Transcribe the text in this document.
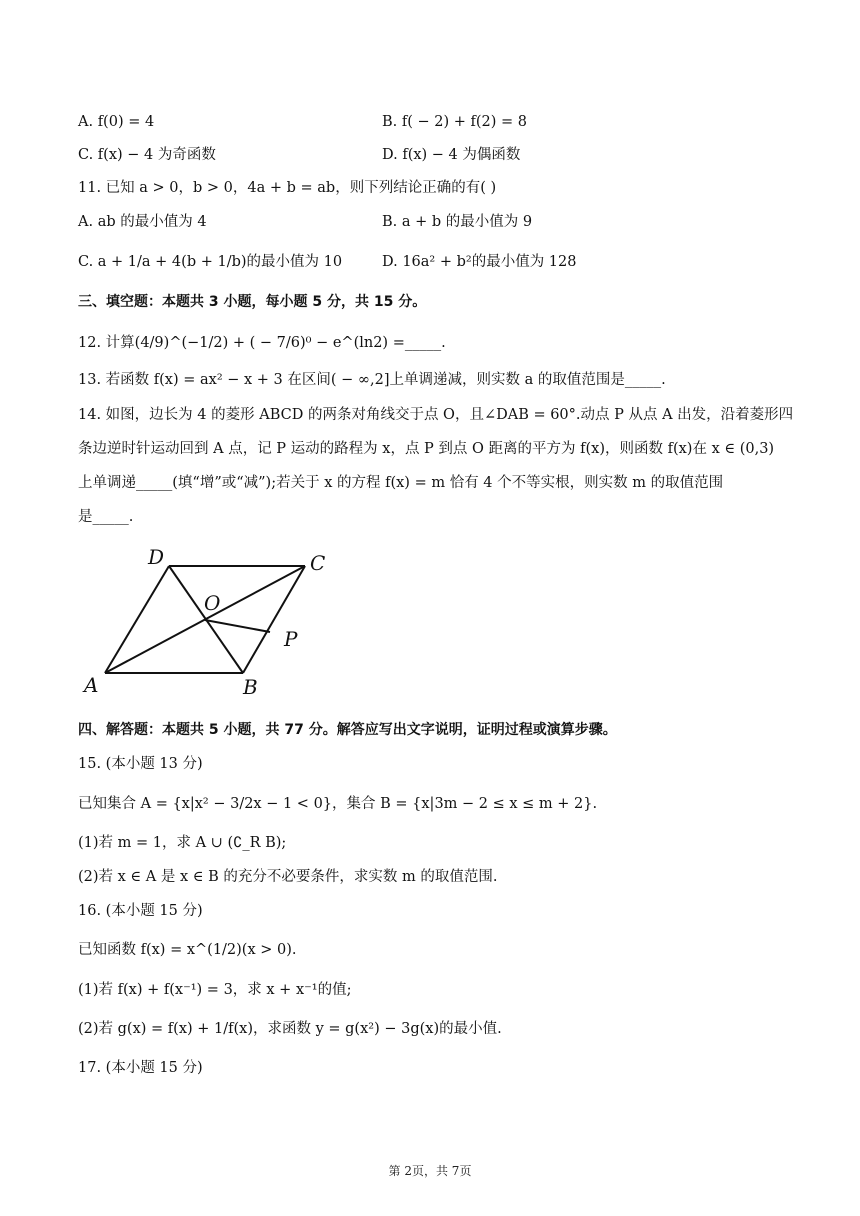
A. f(0) = 4	B. f( − 2) + f(2) = 8
C. f(x) − 4 为奇函数	D. f(x) − 4 为偶函数
11. 已知 a > 0，b > 0，4a + b = ab，则下列结论正确的有( )
A. ab 的最小值为 4	B. a + b 的最小值为 9
C. a + 1/a + 4(b + 1/b)的最小值为 10	D. 16a² + b²的最小值为 128
三、填空题：本题共 3 小题，每小题 5 分，共 15 分。
12. 计算(4/9)^(−1/2) + ( − 7/6)⁰ − e^(ln2) =_____.
13. 若函数 f(x) = ax² − x + 3 在区间( − ∞,2]上单调递减，则实数 a 的取值范围是_____.
14. 如图，边长为 4 的菱形 ABCD 的两条对角线交于点 O，且∠DAB = 60°.动点 P 从点 A 出发，沿着菱形四
条边逆时针运动回到 A 点，记 P 运动的路程为 x，点 P 到点 O 距离的平方为 f(x)，则函数 f(x)在 x ∈ (0,3)
上单调递_____(填“增”或“减”);若关于 x 的方程 f(x) = m 恰有 4 个不等实根，则实数 m 的取值范围
是_____.
D	C
O
P
A	B
四、解答题：本题共 5 小题，共 77 分。解答应写出文字说明，证明过程或演算步骤。
15. (本小题 13 分)
已知集合 A = {x|x² − 3/2x − 1 < 0}，集合 B = {x|3m − 2 ≤ x ≤ m + 2}.
(1)若 m = 1，求 A ∪ (∁_R B);
(2)若 x ∈ A 是 x ∈ B 的充分不必要条件，求实数 m 的取值范围.
16. (本小题 15 分)
已知函数 f(x) = x^(1/2)(x > 0).
(1)若 f(x) + f(x⁻¹) = 3，求 x + x⁻¹的值;
(2)若 g(x) = f(x) + 1/f(x)，求函数 y = g(x²) − 3g(x)的最小值.
17. (本小题 15 分)
第 2页，共 7页
